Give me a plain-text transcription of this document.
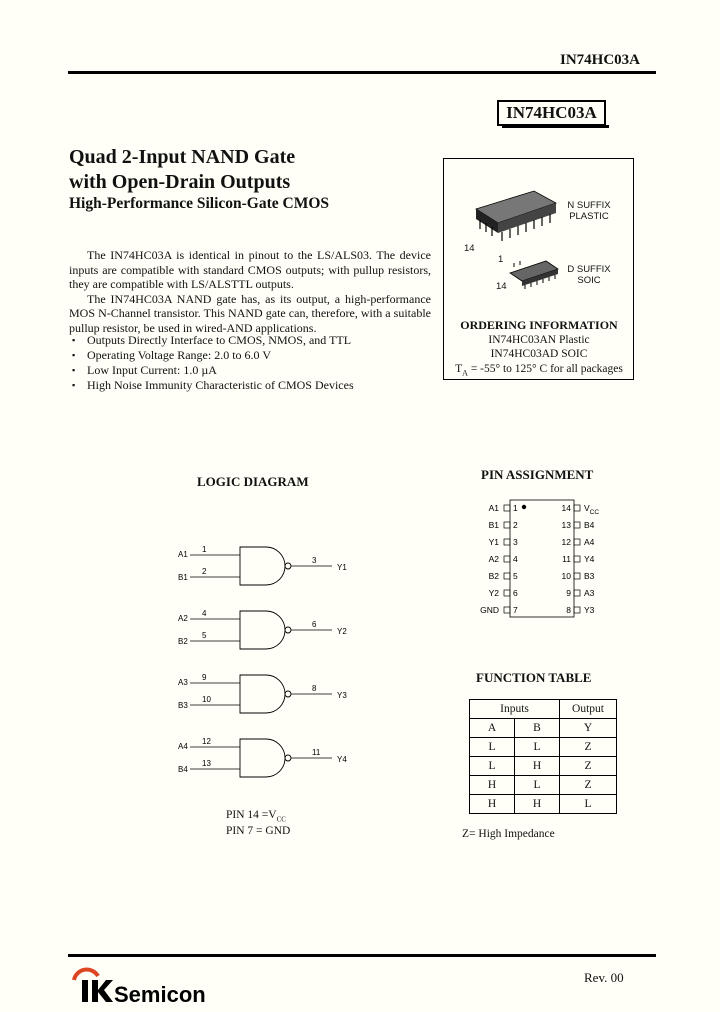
IN74HC03A
IN74HC03A
Quad 2-Input NAND Gate
with Open-Drain Outputs
High-Performance Silicon-Gate CMOS

The IN74HC03A is identical in pinout to the LS/ALS03. The device inputs are compatible with standard CMOS outputs; with pullup resistors, they are compatible with LS/ALSTTL outputs.

The IN74HC03A NAND gate has, as its output, a high-performance MOS N-Channel transistor. This NAND gate can, therefore, with a suitable pullup resistor, be used in wired-AND applications.

▪ Outputs Directly Interface to CMOS, NMOS, and TTL
▪ Operating Voltage Range: 2.0 to 6.0 V
▪ Low Input Current: 1.0 µA
▪ High Noise Immunity Characteristic of CMOS Devices
14
1
14
N SUFFIX
PLASTIC
D SUFFIX
SOIC
ORDERING INFORMATION
IN74HC03AN Plastic
IN74HC03AD SOIC
$T_A = -55^\circ$ to 125° C for all packages
LOGIC DIAGRAM
A1
B1
1
2
3
Y1
A2
B2
4
5
6
Y2
A3
B3
9
10
8
Y3
A4
B4
12
13
11
Y4
PIN $14 =V_{CC}$
PIN 7 = GND
PIN ASSIGNMENT
A1 1
B1 2
Y1 3
A2 4
B2 5
Y2 6
GND 7
14 $V_{CC}$
13 B4
12 A4
11 Y4
10 B3
9 A3
8 Y3
FUNCTION TABLE
Inputs		Output
A	B	Y
L	L	Z
L	H	Z
H	L	Z
H	H	L
Z= High Impedance
Rev. 00
Semicon
